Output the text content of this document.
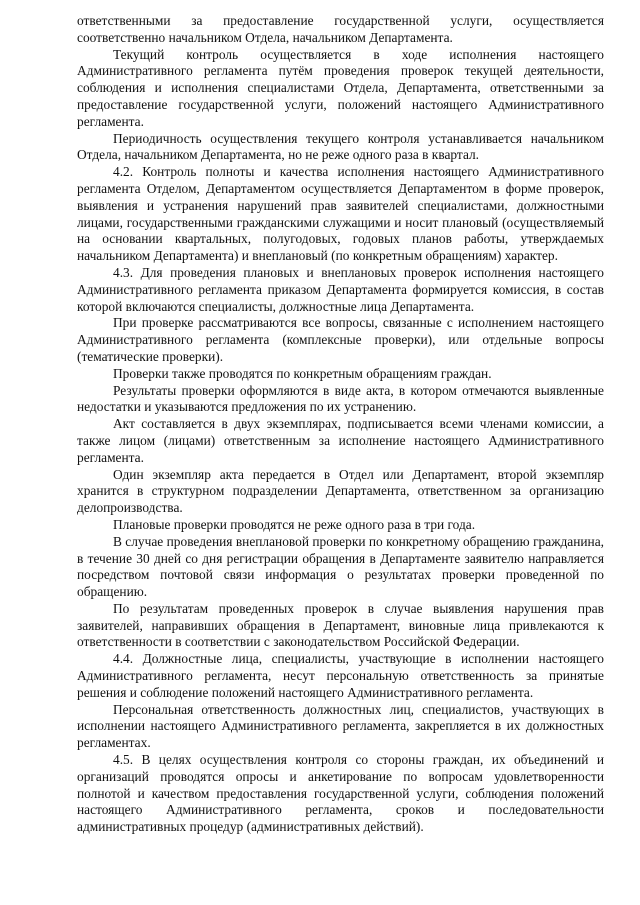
ответственными за предоставление государственной услуги, осуществляется соответственно начальником Отдела, начальником Департамента.

Текущий контроль осуществляется в ходе исполнения настоящего Административного регламента путём проведения проверок текущей деятельности, соблюдения и исполнения специалистами Отдела, Департамента, ответственными за предоставление государственной услуги, положений настоящего Административного регламента.

Периодичность осуществления текущего контроля устанавливается начальником Отдела, начальником Департамента, но не реже одного раза в квартал.

4.2. Контроль полноты и качества исполнения настоящего Административного регламента Отделом, Департаментом осуществляется Департаментом в форме проверок, выявления и устранения нарушений прав заявителей специалистами, должностными лицами, государственными гражданскими служащими и носит плановый (осуществляемый на основании квартальных, полугодовых, годовых планов работы, утверждаемых начальником Департамента) и внеплановый (по конкретным обращениям) характер.

4.3. Для проведения плановых и внеплановых проверок исполнения настоящего Административного регламента приказом Департамента формируется комиссия, в состав которой включаются специалисты, должностные лица Департамента.

При проверке рассматриваются все вопросы, связанные с исполнением настоящего Административного регламента (комплексные проверки), или отдельные вопросы (тематические проверки).

Проверки также проводятся по конкретным обращениям граждан.

Результаты проверки оформляются в виде акта, в котором отмечаются выявленные недостатки и указываются предложения по их устранению.

Акт составляется в двух экземплярах, подписывается всеми членами комиссии, а также лицом (лицами) ответственным за исполнение настоящего Административного регламента.

Один экземпляр акта передается в Отдел или Департамент, второй экземпляр хранится в структурном подразделении Департамента, ответственном за организацию делопроизводства.

Плановые проверки проводятся не реже одного раза в три года.

В случае проведения внеплановой проверки по конкретному обращению гражданина, в течение 30 дней со дня регистрации обращения в Департаменте заявителю направляется посредством почтовой связи информация о результатах проверки проведенной по обращению.

По результатам проведенных проверок в случае выявления нарушения прав заявителей, направивших обращения в Департамент, виновные лица привлекаются к ответственности в соответствии с законодательством Российской Федерации.

4.4. Должностные лица, специалисты, участвующие в исполнении настоящего Административного регламента, несут персональную ответственность за принятые решения и соблюдение положений настоящего Административного регламента.

Персональная ответственность должностных лиц, специалистов, участвующих в исполнении настоящего Административного регламента, закрепляется в их должностных регламентах.

4.5. В целях осуществления контроля со стороны граждан, их объединений и организаций проводятся опросы и анкетирование по вопросам удовлетворенности полнотой и качеством предоставления государственной услуги, соблюдения положений настоящего Административного регламента, сроков и последовательности административных процедур (административных действий).
